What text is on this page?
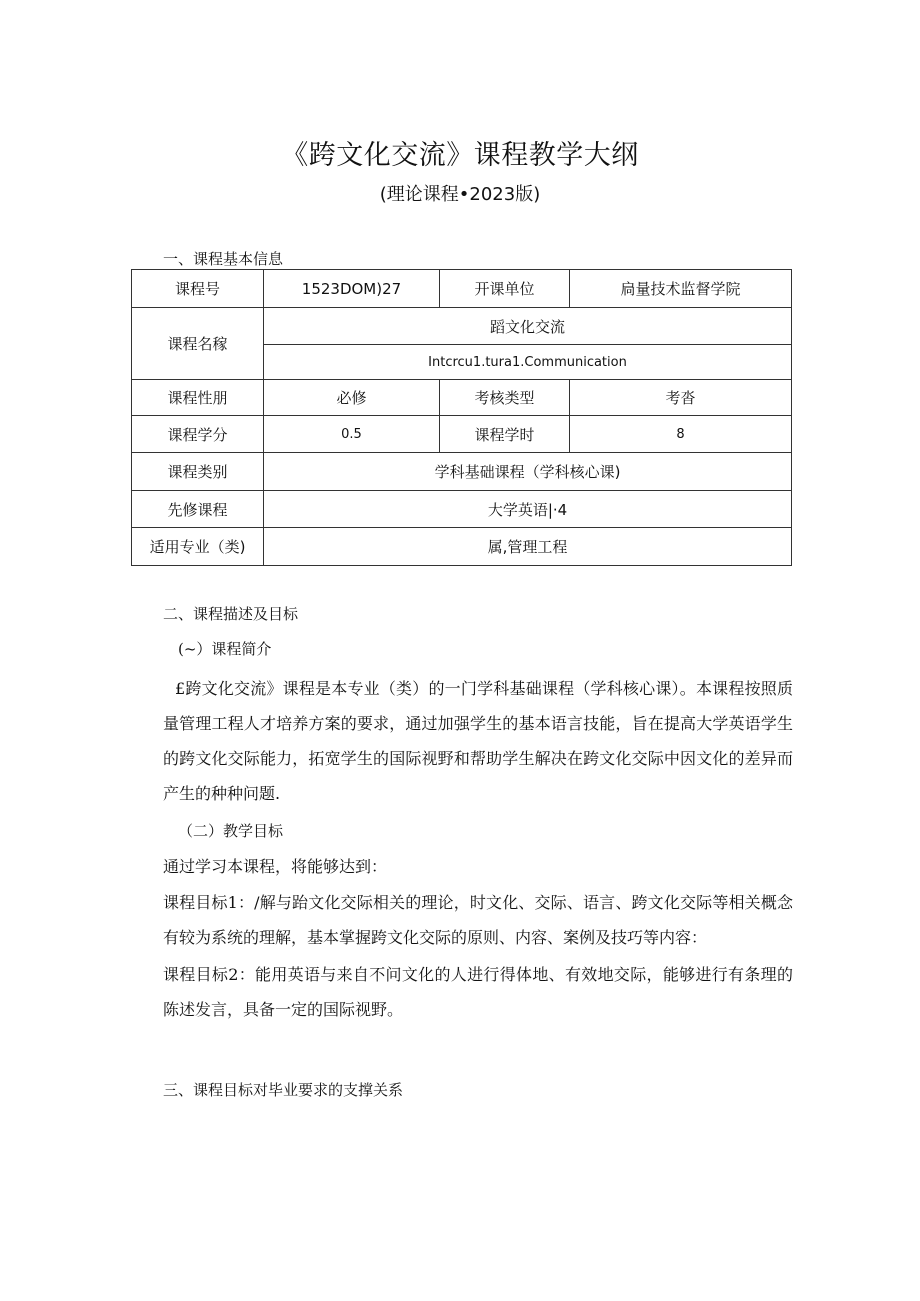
《跨文化交流》课程教学大纲
(理论课程•2023版)
一、课程基本信息
课程号	1523DOM)27	开课单位	扃量技术监督学院
课程名稼	蹈文化交流		
	Intcrcu1.tura1.Communication		
课程性朋	必修	考核类型	考沓
课程学分	0.5	课程学时	8
课程类别	学科基础课程（学科核心课)		
先修课程	大学英语|·4		
适用专业（类)	属,管理工程		
二、课程描述及目标
(~）课程简介
£跨文化交流》课程是本专业（类）的一门学科基础课程（学科核心课）。本课程按照质量管理工程人才培养方案的要求，通过加强学生的基本语言技能，旨在提高大学英语学生的跨文化交际能力，拓宽学生的国际视野和帮助学生解决在跨文化交际中因文化的差异而产生的种种问题.
（二）教学目标
通过学习本课程，将能够达到：
课程目标1：/解与跆文化交际相关的理论，时文化、交际、语言、跨文化交际等相关概念有较为系统的理解，基本掌握跨文化交际的原则、内容、案例及技巧等内容：
课程目标2：能用英语与来自不问文化的人进行得体地、有效地交际，能够进行有条理的陈述发言，具备一定的国际视野。
三、课程目标对毕业要求的支撑关系
